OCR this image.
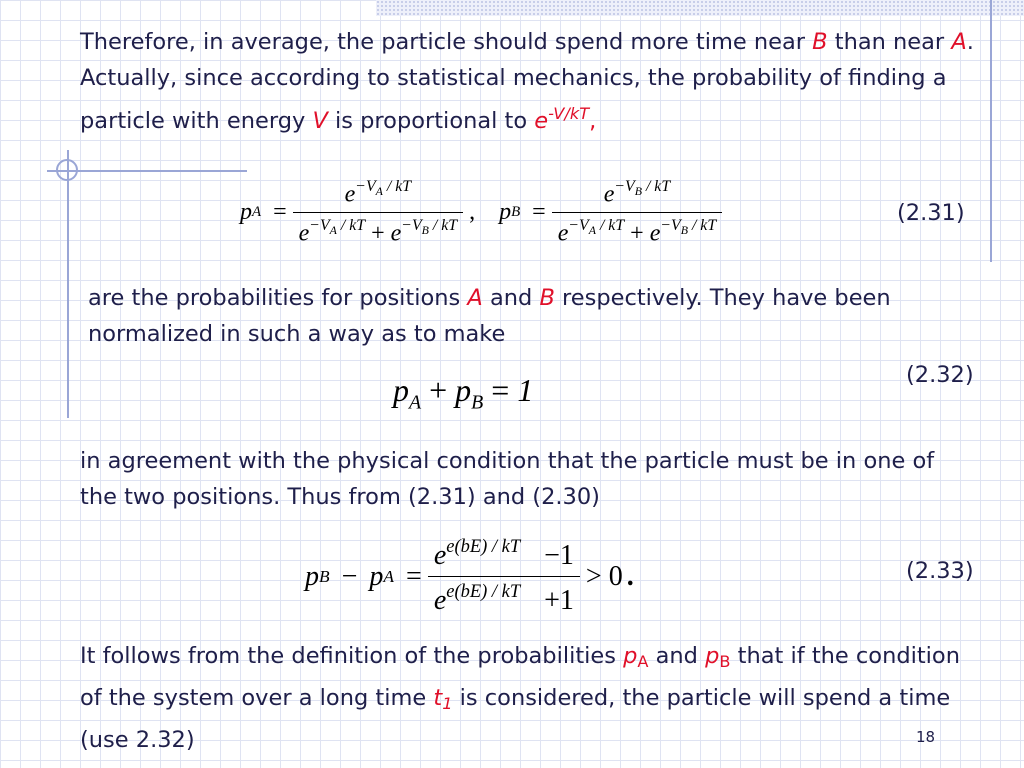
Therefore, in average, the particle should spend more time near B than near A. Actually, since according to statistical mechanics, the probability of finding a particle with energy V is proportional to $e^{-V/kT}$,

p $A = \frac{e^{-V_A / kT}}{e^{-V_A / kT} + e^{-V_B / kT}}$ , p $B = \frac{e^{-V_B / kT}}{e^{-V_A / kT} + e^{-V_B / kT}}$	(2.31)

are the probabilities for positions A and B respectively. They have been normalized in such a way as to make

$p_A + p_B = 1$	(2.32)

in agreement with the physical condition that the particle must be in one of the two positions. Thus from (2.31) and (2.30)

p B − p $A = \frac{e^{e(bE) / kT} -1}{e^{e(bE) / kT} +1} > 0$ .	(2.33)

It follows from the definition of the probabilities $p_A$ and $p_B$ that if the condition of the system over a long time $t_1$ is considered, the particle will spend a time (use 2.32)	18
